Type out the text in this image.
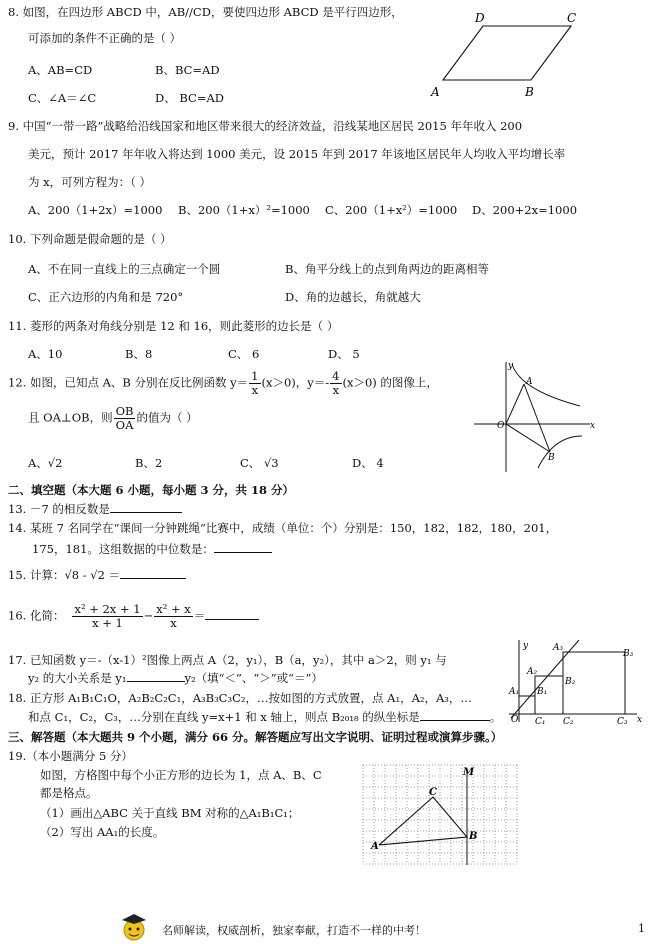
8. 如图，在四边形 ABCD 中，AB//CD，要使四边形 ABCD 是平行四边形，
可添加的条件不正确的是（ ）
A、AB=CD	B、BC=AD
C、∠A＝∠C	D、 BC=AD	A	B
C
D
9. 中国“一带一路”战略给沿线国家和地区带来很大的经济效益，沿线某地区居民 2015 年年收入 200
美元，预计 2017 年年收入将达到 1000 美元，设 2015 年到 2017 年该地区居民年人均收入平均增长率
为 x，可列方程为：（ ）
A、200（1+2x）=1000 B、200（1+x）²=1000 C、200（1+x²）=1000 D、200+2x=1000
10. 下列命题是假命题的是（ ）
A、不在同一直线上的三点确定一个圆	B、角平分线上的点到角两边的距离相等
C、正六边形的内角和是 720°	D、角的边越长，角就越大
11. 菱形的两条对角线分别是 12 和 16，则此菱形的边长是（ ）
A、10	B、8	C、 6	D、 5
12. 如图，已知点 A、B 分别在反比例函数 $y= \frac{1}{x} (x>0)$，$y=- \frac{4}{x} (x>0)$ 的图像上，
且 OA⊥OB，则 $\frac{OB}{OA}$ 的值为（ ）
A、√2	B、2	C、 √3	D、 4
y
x
O
A
B
二、填空题（本大题 6 小题，每小题 3 分，共 18 分）
13. －7 的相反数是
14. 某班 7 名同学在“课间一分钟跳绳”比赛中，成绩（单位：个）分别是：150，182，182，180，201，
175，181。这组数据的中位数是：
15. 计算：√8 - √2 ＝
16. 化简： $\frac{\text{x² + 2x + 1}}{x + 1} - \frac{\text{x² + x}}{x}$ ＝
17. 已知函数 y＝-（x-1）²图像上两点 A（2，y₁），B（a，y₂），其中 a＞2，则 y₁ 与
y₂ 的大小关系是 y₁	y₂（填“＜”、“＞”或“＝”）
18. 正方形 A₁B₁C₁O，A₂B₂C₂C₁，A₃B₃C₃C₂，…按如图的方式放置，点 A₁，A₂，A₃，…
和点 C₁，C₂，C₃，…分别在直线 y=x+1 和 x 轴上，则点 B₂₀₁₈ 的纵坐标是	。
y
x
O
A₁
A₂
A₃
B₁
B₂
B₃
C₁ C₂	C₃
三、解答题（本大题共 9 个小题，满分 66 分。解答题应写出文字说明、证明过程或演算步骤。）
19.（本小题满分 5 分）
如图，方格图中每个小正方形的边长为 1，点 A、B、C
都是格点。
（1）画出△ABC 关于直线 BM 对称的△A₁B₁C₁；
（2）写出 AA₁的长度。
M
C
B
A
名师解读，权威剖析，独家奉献，打造不一样的中考！	1
